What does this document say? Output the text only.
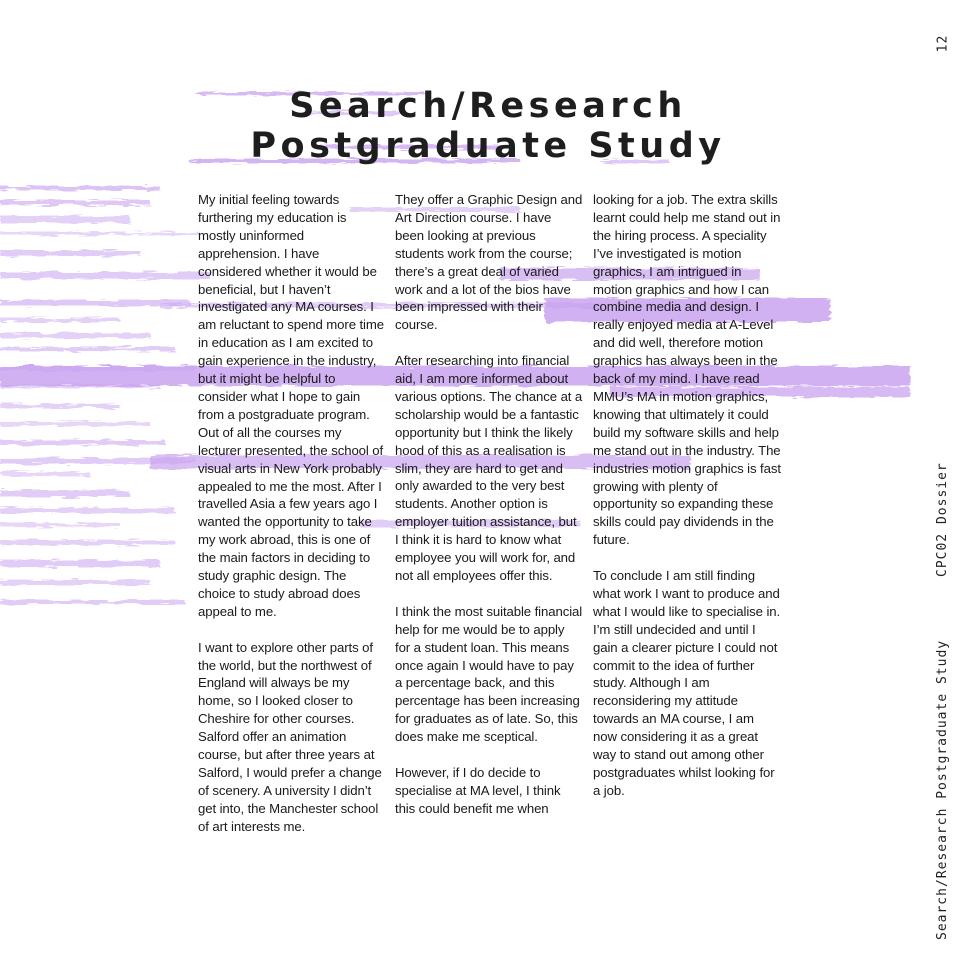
Search/Research
Postgraduate Study

My initial feeling towards furthering my education is mostly uninformed apprehension. I have considered whether it would be beneficial, but I haven’t investigated any MA courses. I am reluctant to spend more time in education as I am excited to gain experience in the industry, but it might be helpful to consider what I hope to gain from a postgraduate program. Out of all the courses my lecturer presented, the school of visual arts in New York probably appealed to me the most. After I travelled Asia a few years ago I wanted the opportunity to take my work abroad, this is one of the main factors in deciding to study graphic design. The choice to study abroad does appeal to me.

I want to explore other parts of the world, but the northwest of England will always be my home, so I looked closer to Cheshire for other courses. Salford offer an animation course, but after three years at Salford, I would prefer a change of scenery. A university I didn’t get into, the Manchester school of art interests me.

They offer a Graphic Design and Art Direction course. I have been looking at previous students work from the course; there’s a great deal of varied work and a lot of the bios have been impressed with their course.

After researching into financial aid, I am more informed about various options. The chance at a scholarship would be a fantastic opportunity but I think the likely hood of this as a realisation is slim, they are hard to get and only awarded to the very best students. Another option is employer tuition assistance, but I think it is hard to know what employee you will work for, and not all employees offer this.

I think the most suitable financial help for me would be to apply for a student loan. This means once again I would have to pay a percentage back, and this percentage has been increasing for graduates as of late. So, this does make me sceptical.

However, if I do decide to specialise at MA level, I think this could benefit me when

looking for a job. The extra skills learnt could help me stand out in the hiring process. A speciality I’ve investigated is motion graphics, I am intrigued in motion graphics and how I can combine media and design. I really enjoyed media at A-Level and did well, therefore motion graphics has always been in the back of my mind. I have read MMU’s MA in motion graphics, knowing that ultimately it could build my software skills and help me stand out in the industry. The industries motion graphics is fast growing with plenty of opportunity so expanding these skills could pay dividends in the future.

To conclude I am still finding what work I want to produce and what I would like to specialise in. I’m still undecided and until I gain a clearer picture I could not commit to the idea of further study. Although I am reconsidering my attitude towards an MA course, I am now considering it as a great way to stand out among other postgraduates whilst looking for a job.

12
CPC02 Dossier
Search/Research Postgraduate Study
